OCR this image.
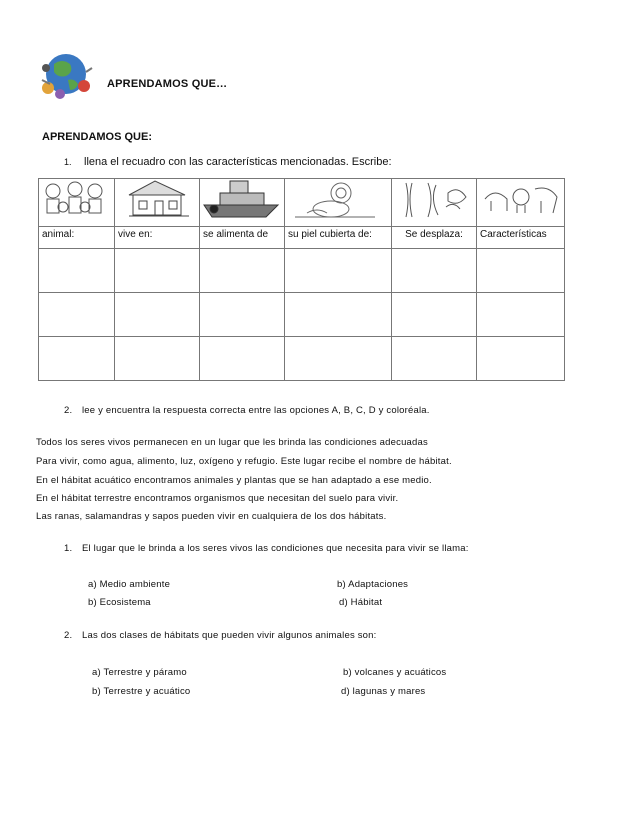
APRENDAMOS QUE…
APRENDAMOS QUE:
1. llena el recuadro con las características mencionadas. Escribe:

animal:	vive en:	se alimenta de	su piel cubierta de:	Se desplaza:	Características

2. lee y encuentra la respuesta correcta entre las opciones A, B, C, D y coloréala.
Todos los seres vivos permanecen en un lugar que les brinda las condiciones adecuadas
Para vivir, como agua, alimento, luz, oxígeno y refugio. Este lugar recibe el nombre de hábitat.
En el hábitat acuático encontramos animales y plantas que se han adaptado a ese medio.
En el hábitat terrestre encontramos organismos que necesitan del suelo para vivir.
Las ranas, salamandras y sapos pueden vivir en cualquiera de los dos hábitats.
1. El lugar que le brinda a los seres vivos las condiciones que necesita para vivir se llama:
a) Medio ambiente	b) Adaptaciones
b) Ecosistema	d) Hábitat
2. Las dos clases de hábitats que pueden vivir algunos animales son:
a) Terrestre y páramo	b) volcanes y acuáticos
b) Terrestre y acuático	d) lagunas y mares
